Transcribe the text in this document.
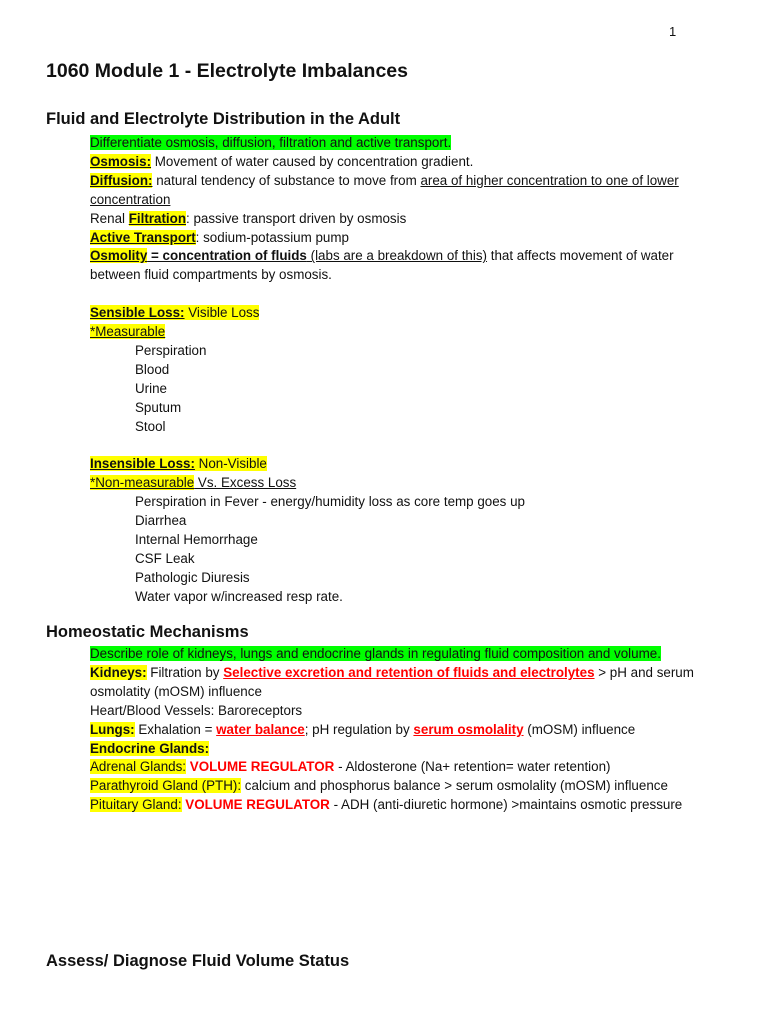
1
1060 Module 1 - Electrolyte Imbalances
Fluid and Electrolyte Distribution in the Adult
Differentiate osmosis, diffusion, filtration and active transport.
Osmosis: Movement of water caused by concentration gradient.
Diffusion: natural tendency of substance to move from area of higher concentration to one of lower concentration
Renal Filtration: passive transport driven by osmosis
Active Transport: sodium-potassium pump
Osmolity = concentration of fluids (labs are a breakdown of this) that affects movement of water between fluid compartments by osmosis.
Sensible Loss: Visible Loss
*Measurable
Perspiration
Blood
Urine
Sputum
Stool
Insensible Loss: Non-Visible
*Non-measurable Vs. Excess Loss
Perspiration in Fever - energy/humidity loss as core temp goes up
Diarrhea
Internal Hemorrhage
CSF Leak
Pathologic Diuresis
Water vapor w/increased resp rate.
Homeostatic Mechanisms
Describe role of kidneys, lungs and endocrine glands in regulating fluid composition and volume.
Kidneys: Filtration by Selective excretion and retention of fluids and electrolytes > pH and serum osmolatity (mOSM) influence
Heart/Blood Vessels: Baroreceptors
Lungs: Exhalation = water balance; pH regulation by serum osmolality (mOSM) influence
Endocrine Glands:
Adrenal Glands: VOLUME REGULATOR - Aldosterone (Na+ retention= water retention)
Parathyroid Gland (PTH): calcium and phosphorus balance > serum osmolality (mOSM) influence
Pituitary Gland: VOLUME REGULATOR - ADH (anti-diuretic hormone) >maintains osmotic pressure
Assess/ Diagnose Fluid Volume Status
